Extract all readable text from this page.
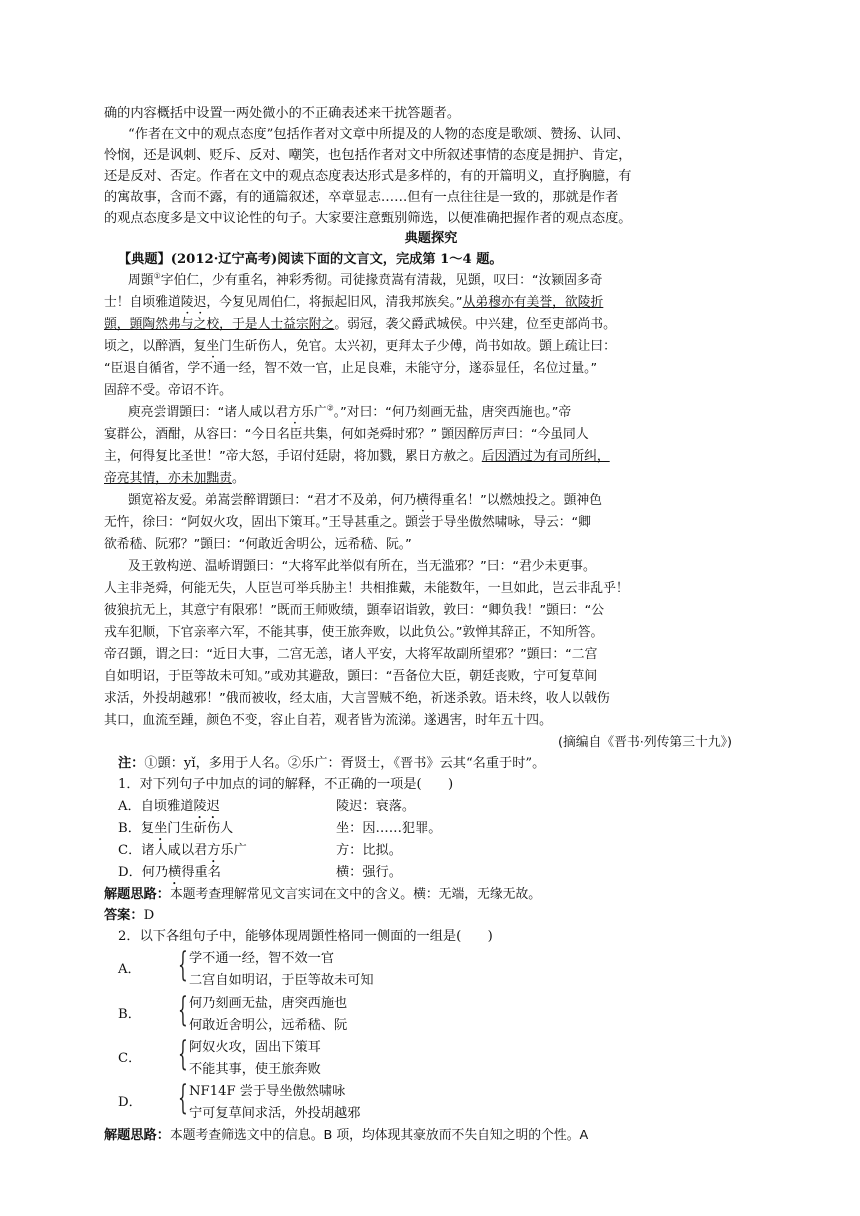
确的内容概括中设置一两处微小的不正确表述来干扰答题者。
“作者在文中的观点态度”包括作者对文章中所提及的人物的态度是歌颂、赞扬、认同、
怜悯，还是讽刺、贬斥、反对、嘲笑，也包括作者对文中所叙述事情的态度是拥护、肯定，
还是反对、否定。作者在文中的观点态度表达形式是多样的，有的开篇明义，直抒胸臆，有
的寓故事，含而不露，有的通篇叙述，卒章显志……但有一点往往是一致的，那就是作者
的观点态度多是文中议论性的句子。大家要注意甄别筛选，以便准确把握作者的观点态度。
典题探究
【典题】(2012·辽宁高考)阅读下面的文言文，完成第 1～4 题。
周顗①字伯仁，少有重名，神彩秀彻。司徒掾贲嵩有清裁，见顗，叹曰：“汝颍固多奇
士！自顷雅道陵迟，今复见周伯仁，将振起旧风，清我邦族矣。”从弟穆亦有美誉，欲陵折
顗，顗陶然弗与之校，于是人士益宗附之。弱冠，袭父爵武城侯。中兴建，位至吏部尚书。
顷之，以醉酒，复坐门生斫伤人，免官。太兴初，更拜太子少傅，尚书如故。顗上疏让曰：
“臣退自循省，学不通一经，智不效一官，止足良难，未能守分，遂忝显任，名位过量。”
固辞不受。帝诏不许。
庾亮尝谓顗曰：“诸人咸以君方乐广②。”对曰：“何乃刻画无盐，唐突西施也。”帝
宴群公，酒酣，从容曰：“今日名臣共集，何如尧舜时邪？” 顗因醉厉声曰：“今虽同人
主，何得复比圣世！”帝大怒，手诏付廷尉，将加戮，累日方赦之。后因酒过为有司所纠，
帝亮其情，亦未加黜责。
顗宽裕友爱。弟嵩尝醉谓顗曰：“君才不及弟，何乃横得重名！”以燃烛投之。顗神色
无忤，徐曰：“阿奴火攻，固出下策耳。”王导甚重之。顗尝于导坐傲然啸咏，导云：“卿
欲希嵇、阮邪？”顗曰：“何敢近舍明公，远希嵇、阮。”
及王敦构逆、温峤谓顗曰：“大将军此举似有所在，当无滥邪？”曰：“君少未更事。
人主非尧舜，何能无失，人臣岂可举兵胁主！共相推戴，未能数年，一旦如此，岂云非乱乎！
彼狼抗无上，其意宁有限邪！”既而王师败绩，顗奉诏诣敦，敦曰：“卿负我！”顗曰：“公
戎车犯顺，下官亲率六军，不能其事，使王旅奔败，以此负公。”敦惮其辞正，不知所答。
帝召顗，谓之曰：“近日大事，二宫无恙，诸人平安，大将军故副所望邪？”顗曰：“二宫
自如明诏，于臣等故未可知。”或劝其避敌，顗曰：“吾备位大臣，朝廷丧败，宁可复草间
求活，外投胡越邪！”俄而被收，经太庙，大言詈贼不绝，祈迷杀敦。语未终，收人以戟伤
其口，血流至踵，颜色不变，容止自若，观者皆为流涕。遂遇害，时年五十四。
(摘编自《晋书·列传第三十九》)
注：①顗：yǐ，多用于人名。②乐广：胥贤士，《晋书》云其“名重于时”。
1．对下列句子中加点的词的解释，不正确的一项是(　　)
A．自顷雅道陵迟	陵迟：衰落。
B．复坐门生斫伤人	坐：因……犯罪。
C．诸人咸以君方乐广	方：比拟。
D．何乃横得重名	横：强行。
解题思路：本题考查理解常见文言实词在文中的含义。横：无端，无缘无故。
答案：D
2．以下各组句子中，能够体现周顗性格同一侧面的一组是(　　)
A． { 学不通一经，智不效一官
二宫自如明诏，于臣等故未可知
B． { 何乃刻画无盐，唐突西施也
何敢近舍明公，远希嵇、阮
C． { 阿奴火攻，固出下策耳
不能其事，使王旅奔败
D． { NF14F 尝于导坐傲然啸咏
宁可复草间求活，外投胡越邪
解题思路：本题考查筛选文中的信息。B 项，均体现其豪放而不失自知之明的个性。A
